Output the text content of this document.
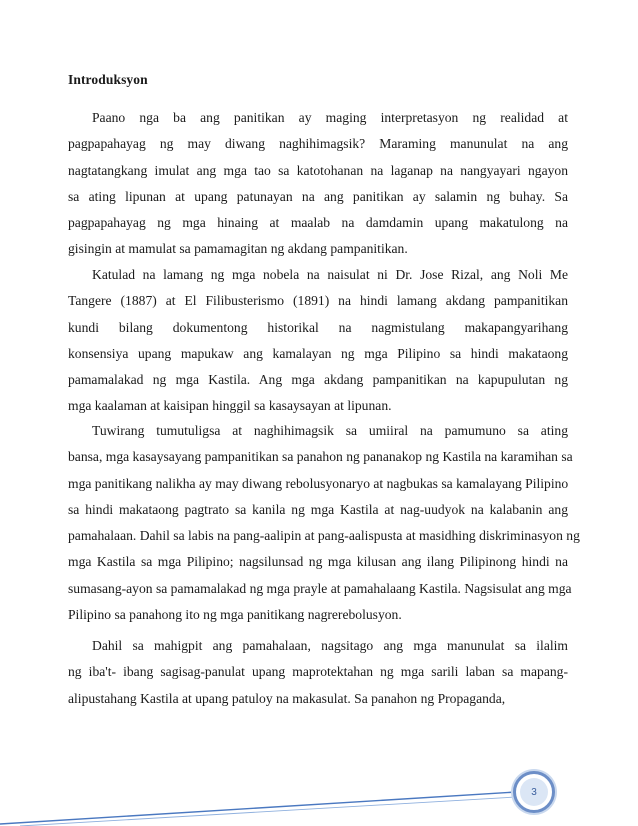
Introduksyon
Paano nga ba ang panitikan ay maging interpretasyon ng realidad at
pagpapahayag ng may diwang naghihimagsik? Maraming manunulat na ang
nagtatangkang imulat ang mga tao sa katotohanan na laganap na nangyayari ngayon
sa ating lipunan at upang patunayan na ang panitikan ay salamin ng buhay. Sa
pagpapahayag ng mga hinaing at maalab na damdamin upang makatulong na
gisingin at mamulat sa pamamagitan ng akdang pampanitikan.
Katulad na lamang ng mga nobela na naisulat ni Dr. Jose Rizal, ang Noli Me
Tangere (1887) at El Filibusterismo (1891) na hindi lamang akdang pampanitikan
kundi bilang dokumentong historikal na nagmistulang makapangyarihang
konsensiya upang mapukaw ang kamalayan ng mga Pilipino sa hindi makataong
pamamalakad ng mga Kastila. Ang mga akdang pampanitikan na kapupulutan ng
mga kaalaman at kaisipan hinggil sa kasaysayan at lipunan.
Tuwirang tumutuligsa at naghihimagsik sa umiiral na pamumuno sa ating
bansa, mga kasaysayang pampanitikan sa panahon ng pananakop ng Kastila na karamihan sa
mga panitikang nalikha ay may diwang rebolusyonaryo at nagbukas sa kamalayang Pilipino
sa hindi makataong pagtrato sa kanila ng mga Kastila at nag-uudyok na kalabanin ang
pamahalaan. Dahil sa labis na pang-aalipin at pang-aalispusta at masidhing diskriminasyon ng
mga Kastila sa mga Pilipino; nagsilunsad ng mga kilusan ang ilang Pilipinong hindi na
sumasang-ayon sa pamamalakad ng mga prayle at pamahalaang Kastila. Nagsisulat ang mga
Pilipino sa panahong ito ng mga panitikang nagrerebolusyon.
Dahil sa mahigpit ang pamahalaan, nagsitago ang mga manunulat sa ilalim
ng iba't- ibang sagisag-panulat upang maprotektahan ng mga sarili laban sa mapang-
alipustahang Kastila at upang patuloy na makasulat. Sa panahon ng Propaganda,
3
